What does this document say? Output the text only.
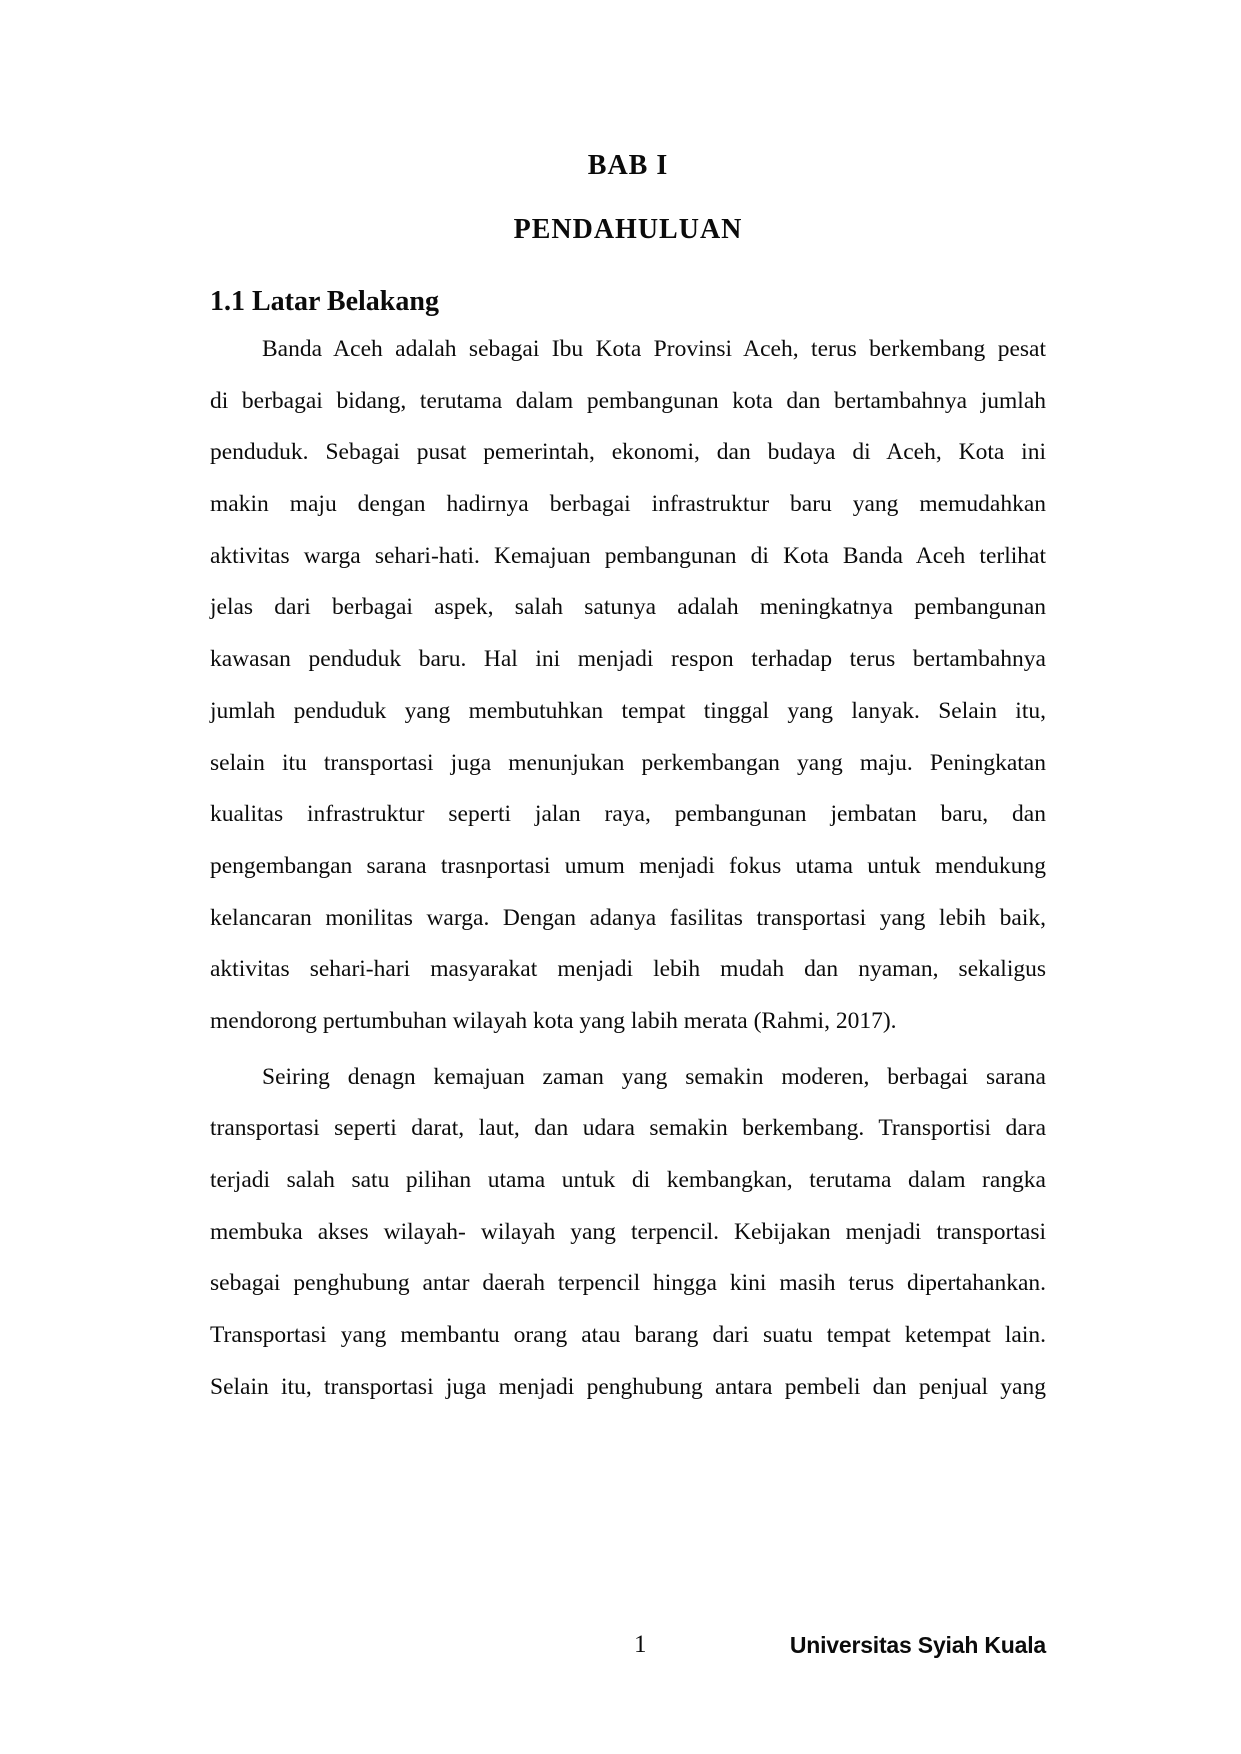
BAB I
PENDAHULUAN
1.1 Latar Belakang
Banda Aceh adalah sebagai Ibu Kota Provinsi Aceh, terus berkembang pesat
di berbagai bidang, terutama dalam pembangunan kota dan bertambahnya jumlah
penduduk. Sebagai pusat pemerintah, ekonomi, dan budaya di Aceh, Kota ini
makin maju dengan hadirnya berbagai infrastruktur baru yang memudahkan
aktivitas warga sehari-hati. Kemajuan pembangunan di Kota Banda Aceh terlihat
jelas dari berbagai aspek, salah satunya adalah meningkatnya pembangunan
kawasan penduduk baru. Hal ini menjadi respon terhadap terus bertambahnya
jumlah penduduk yang membutuhkan tempat tinggal yang lanyak. Selain itu,
selain itu transportasi juga menunjukan perkembangan yang maju. Peningkatan
kualitas infrastruktur seperti jalan raya, pembangunan jembatan baru, dan
pengembangan sarana trasnportasi umum menjadi fokus utama untuk mendukung
kelancaran monilitas warga. Dengan adanya fasilitas transportasi yang lebih baik,
aktivitas sehari-hari masyarakat menjadi lebih mudah dan nyaman, sekaligus
mendorong pertumbuhan wilayah kota yang labih merata (Rahmi, 2017).
Seiring denagn kemajuan zaman yang semakin moderen, berbagai sarana
transportasi seperti darat, laut, dan udara semakin berkembang. Transportisi dara
terjadi salah satu pilihan utama untuk di kembangkan, terutama dalam rangka
membuka akses wilayah- wilayah yang terpencil. Kebijakan menjadi transportasi
sebagai penghubung antar daerah terpencil hingga kini masih terus dipertahankan.
Transportasi yang membantu orang atau barang dari suatu tempat ketempat lain.
Selain itu, transportasi juga menjadi penghubung antara pembeli dan penjual yang
1	Universitas Syiah Kuala
